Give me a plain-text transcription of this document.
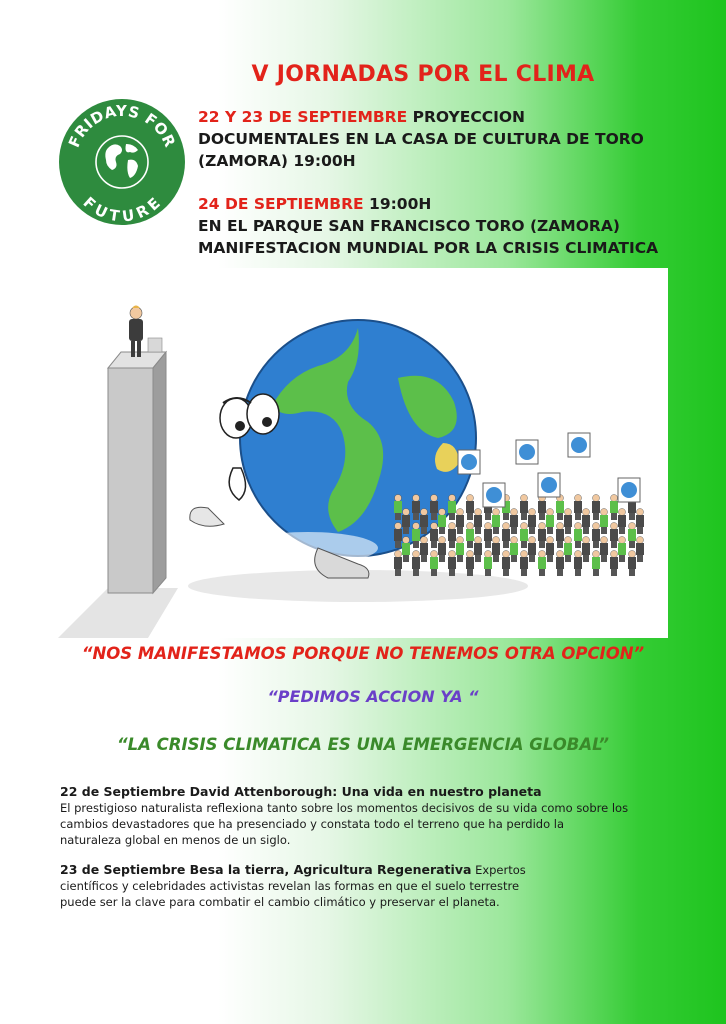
V JORNADAS POR EL CLIMA
FRIDAYS FOR
FUTURE
22 Y 23 DE SEPTIEMBRE PROYECCION
DOCUMENTALES EN LA CASA DE CULTURA DE TORO
(ZAMORA) 19:00H
24 DE SEPTIEMBRE 19:00H
EN EL PARQUE SAN FRANCISCO TORO (ZAMORA)
MANIFESTACION MUNDIAL POR LA CRISIS CLIMATICA
“NOS MANIFESTAMOS PORQUE NO TENEMOS OTRA OPCION”
“PEDIMOS ACCION YA “
“LA CRISIS CLIMATICA ES UNA EMERGENCIA GLOBAL”
22 de Septiembre David Attenborough: Una vida en nuestro planeta
El prestigioso naturalista reflexiona tanto sobre los momentos decisivos de su vida como sobre los
cambios devastadores que ha presenciado y constata todo el terreno que ha perdido la
naturaleza global en menos de un siglo.
23 de Septiembre Besa la tierra, Agricultura Regenerativa Expertos
científicos y celebridades activistas revelan las formas en que el suelo terrestre
puede ser la clave para combatir el cambio climático y preservar el planeta.
